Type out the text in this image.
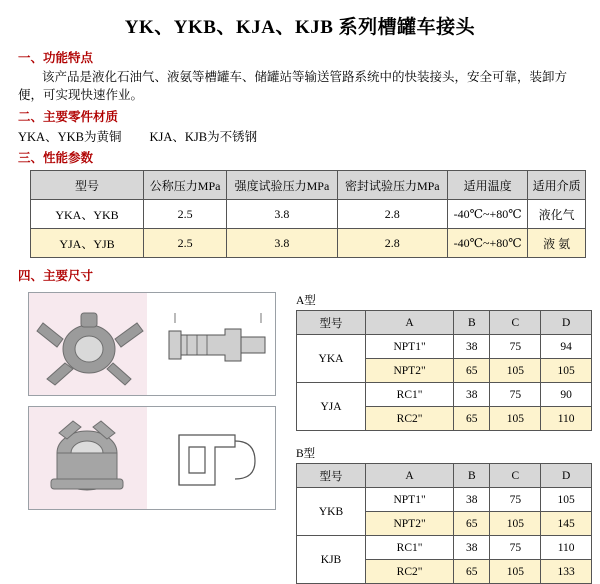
YK、YKB、KJA、KJB 系列槽罐车接头
一、功能特点
该产品是液化石油气、液氨等槽罐车、储罐站等输送管路系统中的快装接头，安全可靠，装卸方便，可实现快速作业。
二、主要零件材质
YKA、YKB为黄铜 KJA、KJB为不锈钢
三、性能参数
型号	公称压力MPa	强度试验压力MPa	密封试验压力MPa	适用温度	适用介质
YKA、YKB	2.5	3.8	2.8	-40℃~+80℃	液化气
YJA、YJB	2.5	3.8	2.8	-40℃~+80℃	液 氨
四、主要尺寸
A型
型号	A	B	C	D
YKA	NPT1"	38	75	94
	NPT2"	65	105	105
YJA	RC1"	38	75	90
	RC2"	65	105	110
B型
型号	A	B	C	D
YKB	NPT1"	38	75	105
	NPT2"	65	105	145
KJB	RC1"	38	75	110
	RC2"	65	105	133
